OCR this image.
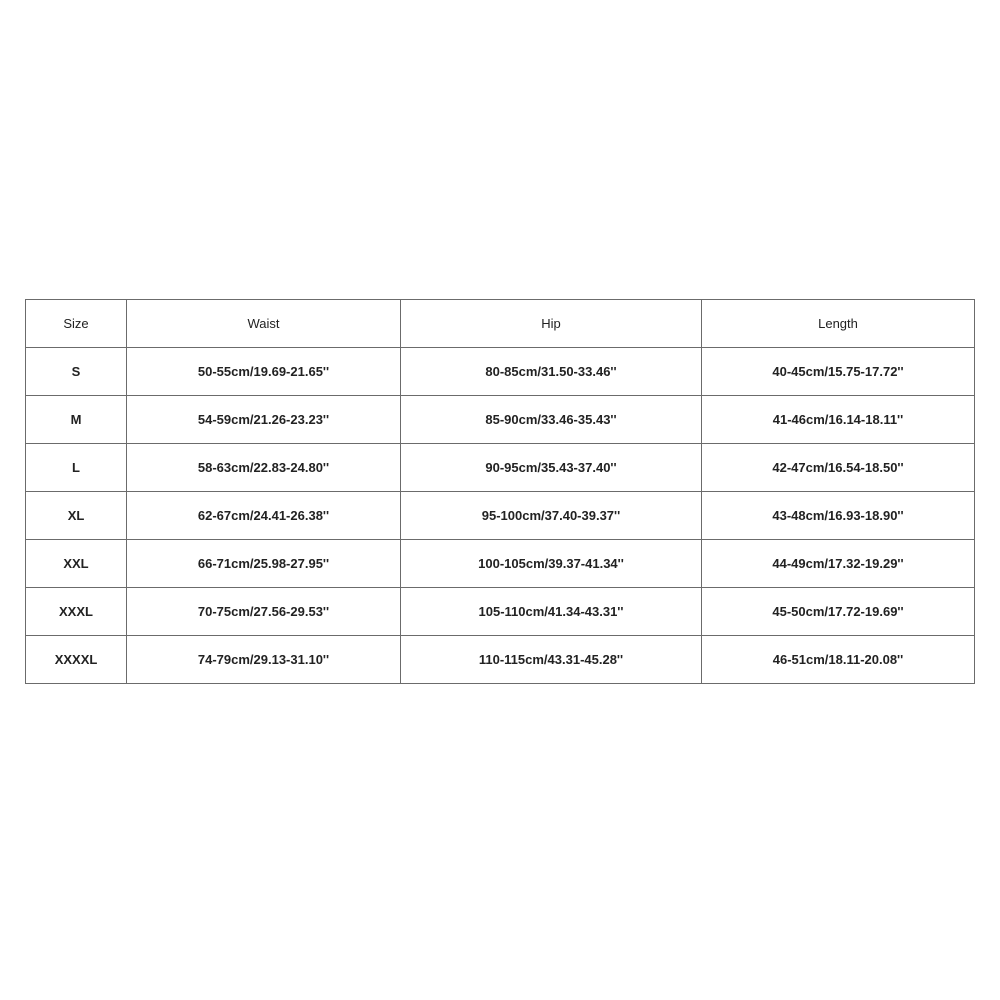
Size	Waist	Hip	Length
S	50-55cm/19.69-21.65''	80-85cm/31.50-33.46''	40-45cm/15.75-17.72''
M	54-59cm/21.26-23.23''	85-90cm/33.46-35.43''	41-46cm/16.14-18.11''
L	58-63cm/22.83-24.80''	90-95cm/35.43-37.40''	42-47cm/16.54-18.50''
XL	62-67cm/24.41-26.38''	95-100cm/37.40-39.37''	43-48cm/16.93-18.90''
XXL	66-71cm/25.98-27.95''	100-105cm/39.37-41.34''	44-49cm/17.32-19.29''
XXXL	70-75cm/27.56-29.53''	105-110cm/41.34-43.31''	45-50cm/17.72-19.69''
XXXXL	74-79cm/29.13-31.10''	110-115cm/43.31-45.28''	46-51cm/18.11-20.08''
